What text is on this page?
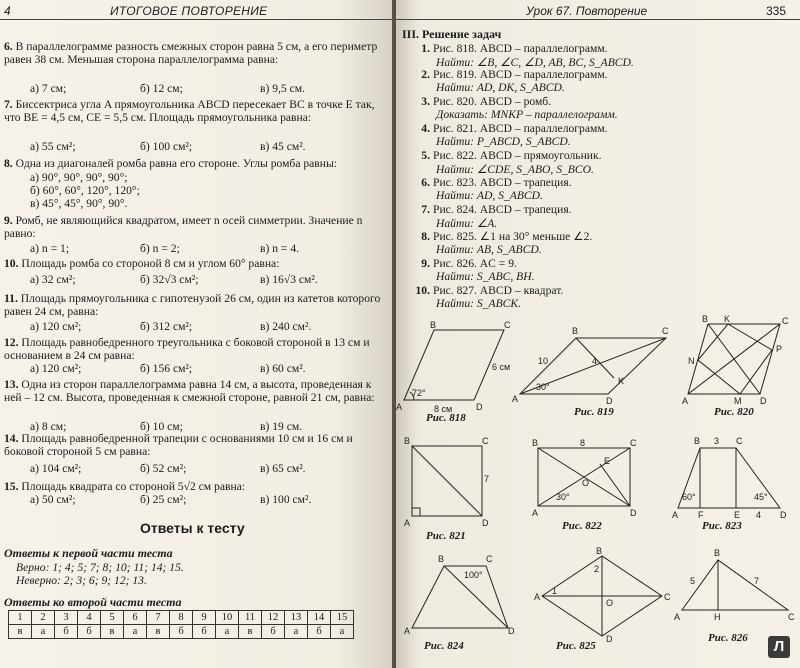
4	ИТОГОВОЕ ПОВТОРЕНИЕ
6. В параллелограмме разность смежных сторон равна 5 см, а его периметр равен 38 см. Меньшая сторона параллелограмма равна:
а) 7 см;	б) 12 см;	в) 9,5 см.
7. Биссектриса угла A прямоугольника ABCD пересекает BC в точке E так, что BE = 4,5 см, CE = 5,5 см. Площадь прямоугольника равна:
а) 55 см²;	б) 100 см²;	в) 45 см².
8. Одна из диагоналей ромба равна его стороне. Углы ромба равны:
а) 90°, 90°, 90°, 90°;
б) 60°, 60°, 120°, 120°;
в) 45°, 45°, 90°, 90°.
9. Ромб, не являющийся квадратом, имеет n осей симметрии. Значение n равно:
а) n = 1;	б) n = 2;	в) n = 4.
10. Площадь ромба со стороной 8 см и углом 60° равна:
а) 32 см²;	б) 32√3 см²;	в) 16√3 см².
11. Площадь прямоугольника с гипотенузой 26 см, один из катетов которого равен 24 см, равна:
а) 120 см²;	б) 312 см²;	в) 240 см².
12. Площадь равнобедренного треугольника с боковой стороной в 13 см и основанием в 24 см равна:
а) 120 см²;	б) 156 см²;	в) 60 см².
13. Одна из сторон параллелограмма равна 14 см, а высота, проведенная к ней – 12 см. Высота, проведенная к смежной стороне, равной 21 см, равна:
а) 8 см;	б) 10 см;	в) 19 см.
14. Площадь равнобедренной трапеции с основаниями 10 см и 16 см и боковой стороной 5 см равна:
а) 104 см²;	б) 52 см²;	в) 65 см².
15. Площадь квадрата со стороной 5√2 см равна:
а) 50 см²;	б) 25 см²;	в) 100 см².
Ответы к тесту
Ответы к первой части теста
Верно: 1; 4; 5; 7; 8; 10; 11; 14; 15.
Неверно: 2; 3; 6; 9; 12; 13.
Ответы ко второй части теста
1	2	3	4	5	6	7	8	9	10	11	12	13	14	15
в	а	б	б	в	а	в	б	б	а	в	б	а	б	а
Урок 67. Повторение	335
III. Решение задач
1. Рис. 818. ABCD – параллелограмм.
Найти: ∠B, ∠C, ∠D, AB, BC, S_ABCD.
2. Рис. 819. ABCD – параллелограмм.
Найти: AD, DK, S_ABCD.
3. Рис. 820. ABCD – ромб.
Доказать: MNKP – параллелограмм.
4. Рис. 821. ABCD – параллелограмм.
Найти: P_ABCD, S_ABCD.
5. Рис. 822. ABCD – прямоугольник.
Найти: ∠CDE, S_ABO, S_BCO.
6. Рис. 823. ABCD – трапеция.
Найти: AD, S_ABCD.
7. Рис. 824. ABCD – трапеция.
Найти: ∠A.
8. Рис. 825. ∠1 на 30° меньше ∠2.
Найти: AB, S_ABCD.
9. Рис. 826. AC = 9.
Найти: S_ABC, BH.
10. Рис. 827. ABCD – квадрат.
Найти: S_ABCK.
A
B	C
D
72°
8 см
6 см
A
B	C
D
K
10	4
30°
B K	C
N
P
A	M D
Рис. 818	Рис. 819	Рис. 820
B	C
A	D
7
B	8	C
E
O
30°
A	D
B 3 C
60°	45°
A F	E 4 D
Рис. 821
Рис. 822	Рис. 823
B	C
100°
A	D
B
2
1
A	C
O
D
B
5	7
A	H	C
Рис. 824	Рис. 825
Рис. 826	Л
